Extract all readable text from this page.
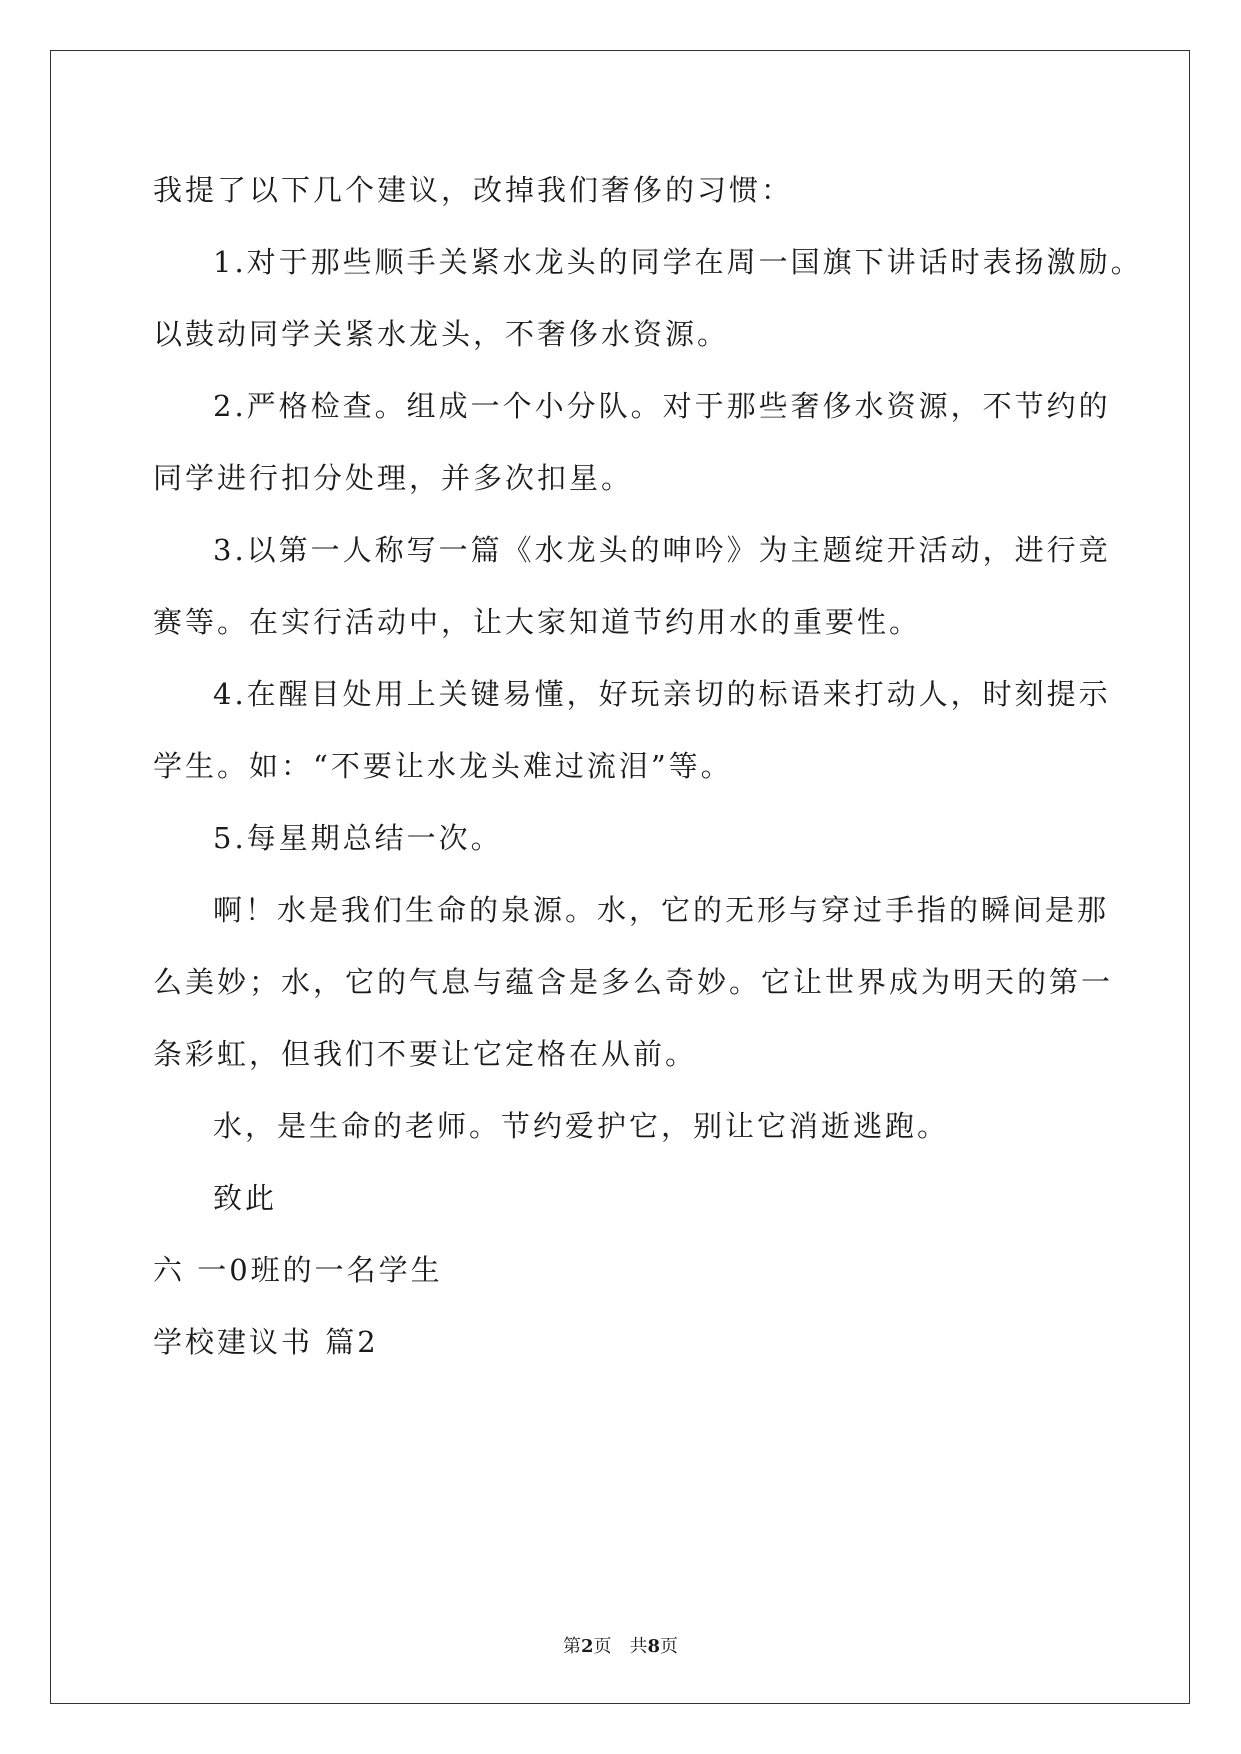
我提了以下几个建议，改掉我们奢侈的习惯：
1.对于那些顺手关紧水龙头的同学在周一国旗下讲话时表扬激励。
以鼓动同学关紧水龙头，不奢侈水资源。
2.严格检查。组成一个小分队。对于那些奢侈水资源，不节约的
同学进行扣分处理，并多次扣星。
3.以第一人称写一篇《水龙头的呻吟》为主题绽开活动，进行竞
赛等。在实行活动中，让大家知道节约用水的重要性。
4.在醒目处用上关键易懂，好玩亲切的标语来打动人，时刻提示
学生。如：“不要让水龙头难过流泪”等。
5.每星期总结一次。
啊！水是我们生命的泉源。水，它的无形与穿过手指的瞬间是那
么美妙；水，它的气息与蕴含是多么奇妙。它让世界成为明天的第一
条彩虹，但我们不要让它定格在从前。
水，是生命的老师。节约爱护它，别让它消逝逃跑。
致此
六 一0班的一名学生
学校建议书 篇2
第2页　共8页
